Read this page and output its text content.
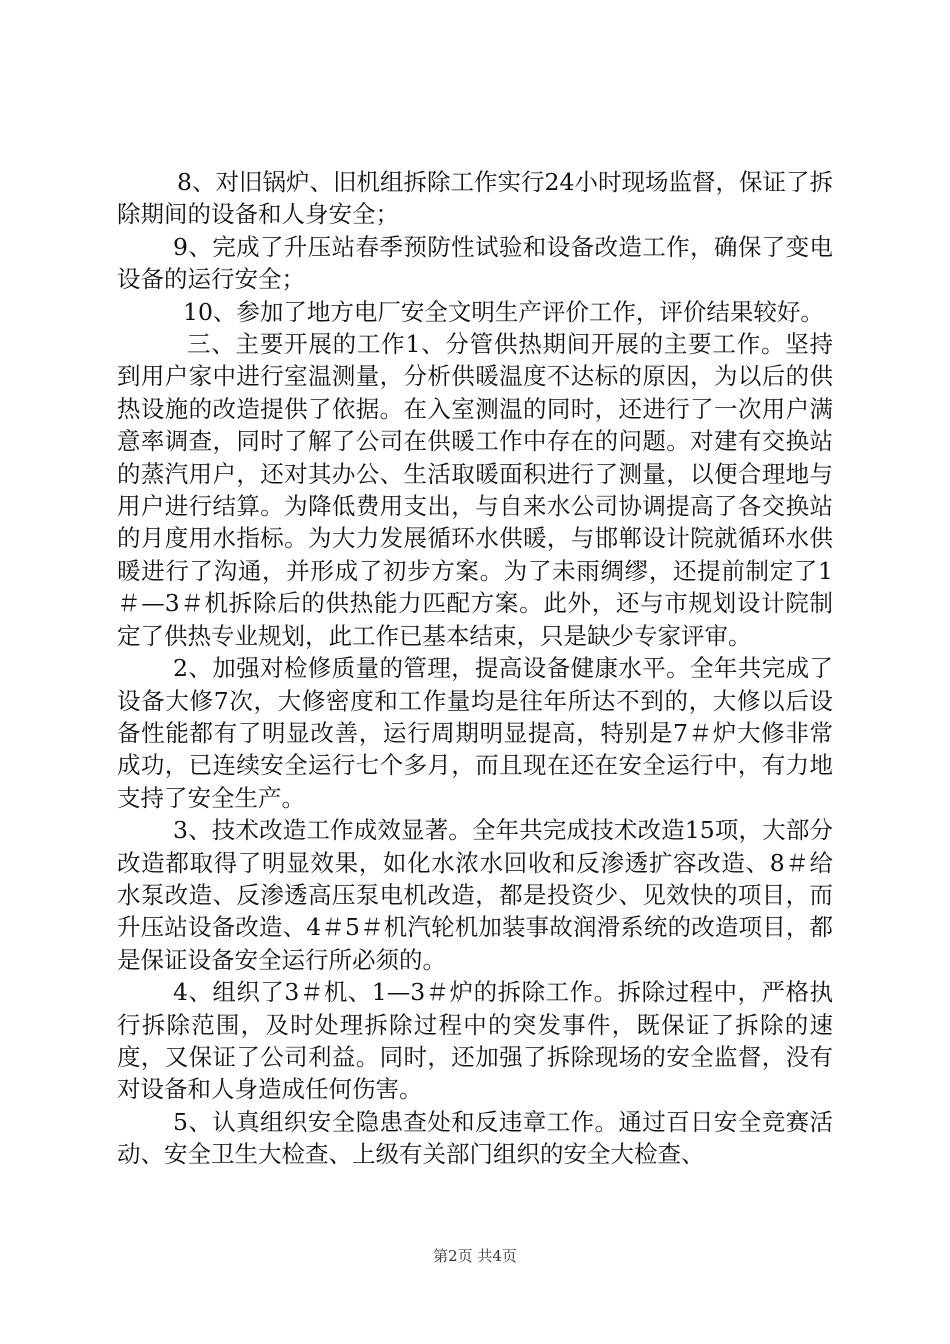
8、对旧锅炉、旧机组拆除工作实行24小时现场监督，保证了拆除期间的设备和人身安全；

9、完成了升压站春季预防性试验和设备改造工作，确保了变电设备的运行安全；

10、参加了地方电厂安全文明生产评价工作，评价结果较好。

三、主要开展的工作1、分管供热期间开展的主要工作。坚持到用户家中进行室温测量，分析供暖温度不达标的原因，为以后的供热设施的改造提供了依据。在入室测温的同时，还进行了一次用户满意率调查，同时了解了公司在供暖工作中存在的问题。对建有交换站的蒸汽用户，还对其办公、生活取暖面积进行了测量，以便合理地与用户进行结算。为降低费用支出，与自来水公司协调提高了各交换站的月度用水指标。为大力发展循环水供暖，与邯郸设计院就循环水供暖进行了沟通，并形成了初步方案。为了未雨绸缪，还提前制定了1＃—3＃机拆除后的供热能力匹配方案。此外，还与市规划设计院制定了供热专业规划，此工作已基本结束，只是缺少专家评审。

2、加强对检修质量的管理，提高设备健康水平。全年共完成了设备大修7次，大修密度和工作量均是往年所达不到的，大修以后设备性能都有了明显改善，运行周期明显提高，特别是7＃炉大修非常成功，已连续安全运行七个多月，而且现在还在安全运行中，有力地支持了安全生产。

3、技术改造工作成效显著。全年共完成技术改造15项，大部分改造都取得了明显效果，如化水浓水回收和反渗透扩容改造、8＃给水泵改造、反渗透高压泵电机改造，都是投资少、见效快的项目，而升压站设备改造、4＃5＃机汽轮机加装事故润滑系统的改造项目，都是保证设备安全运行所必须的。

4、组织了3＃机、1—3＃炉的拆除工作。拆除过程中，严格执行拆除范围，及时处理拆除过程中的突发事件，既保证了拆除的速度，又保证了公司利益。同时，还加强了拆除现场的安全监督，没有对设备和人身造成任何伤害。

5、认真组织安全隐患查处和反违章工作。通过百日安全竞赛活动、安全卫生大检查、上级有关部门组织的安全大检查、

第2页 共4页
